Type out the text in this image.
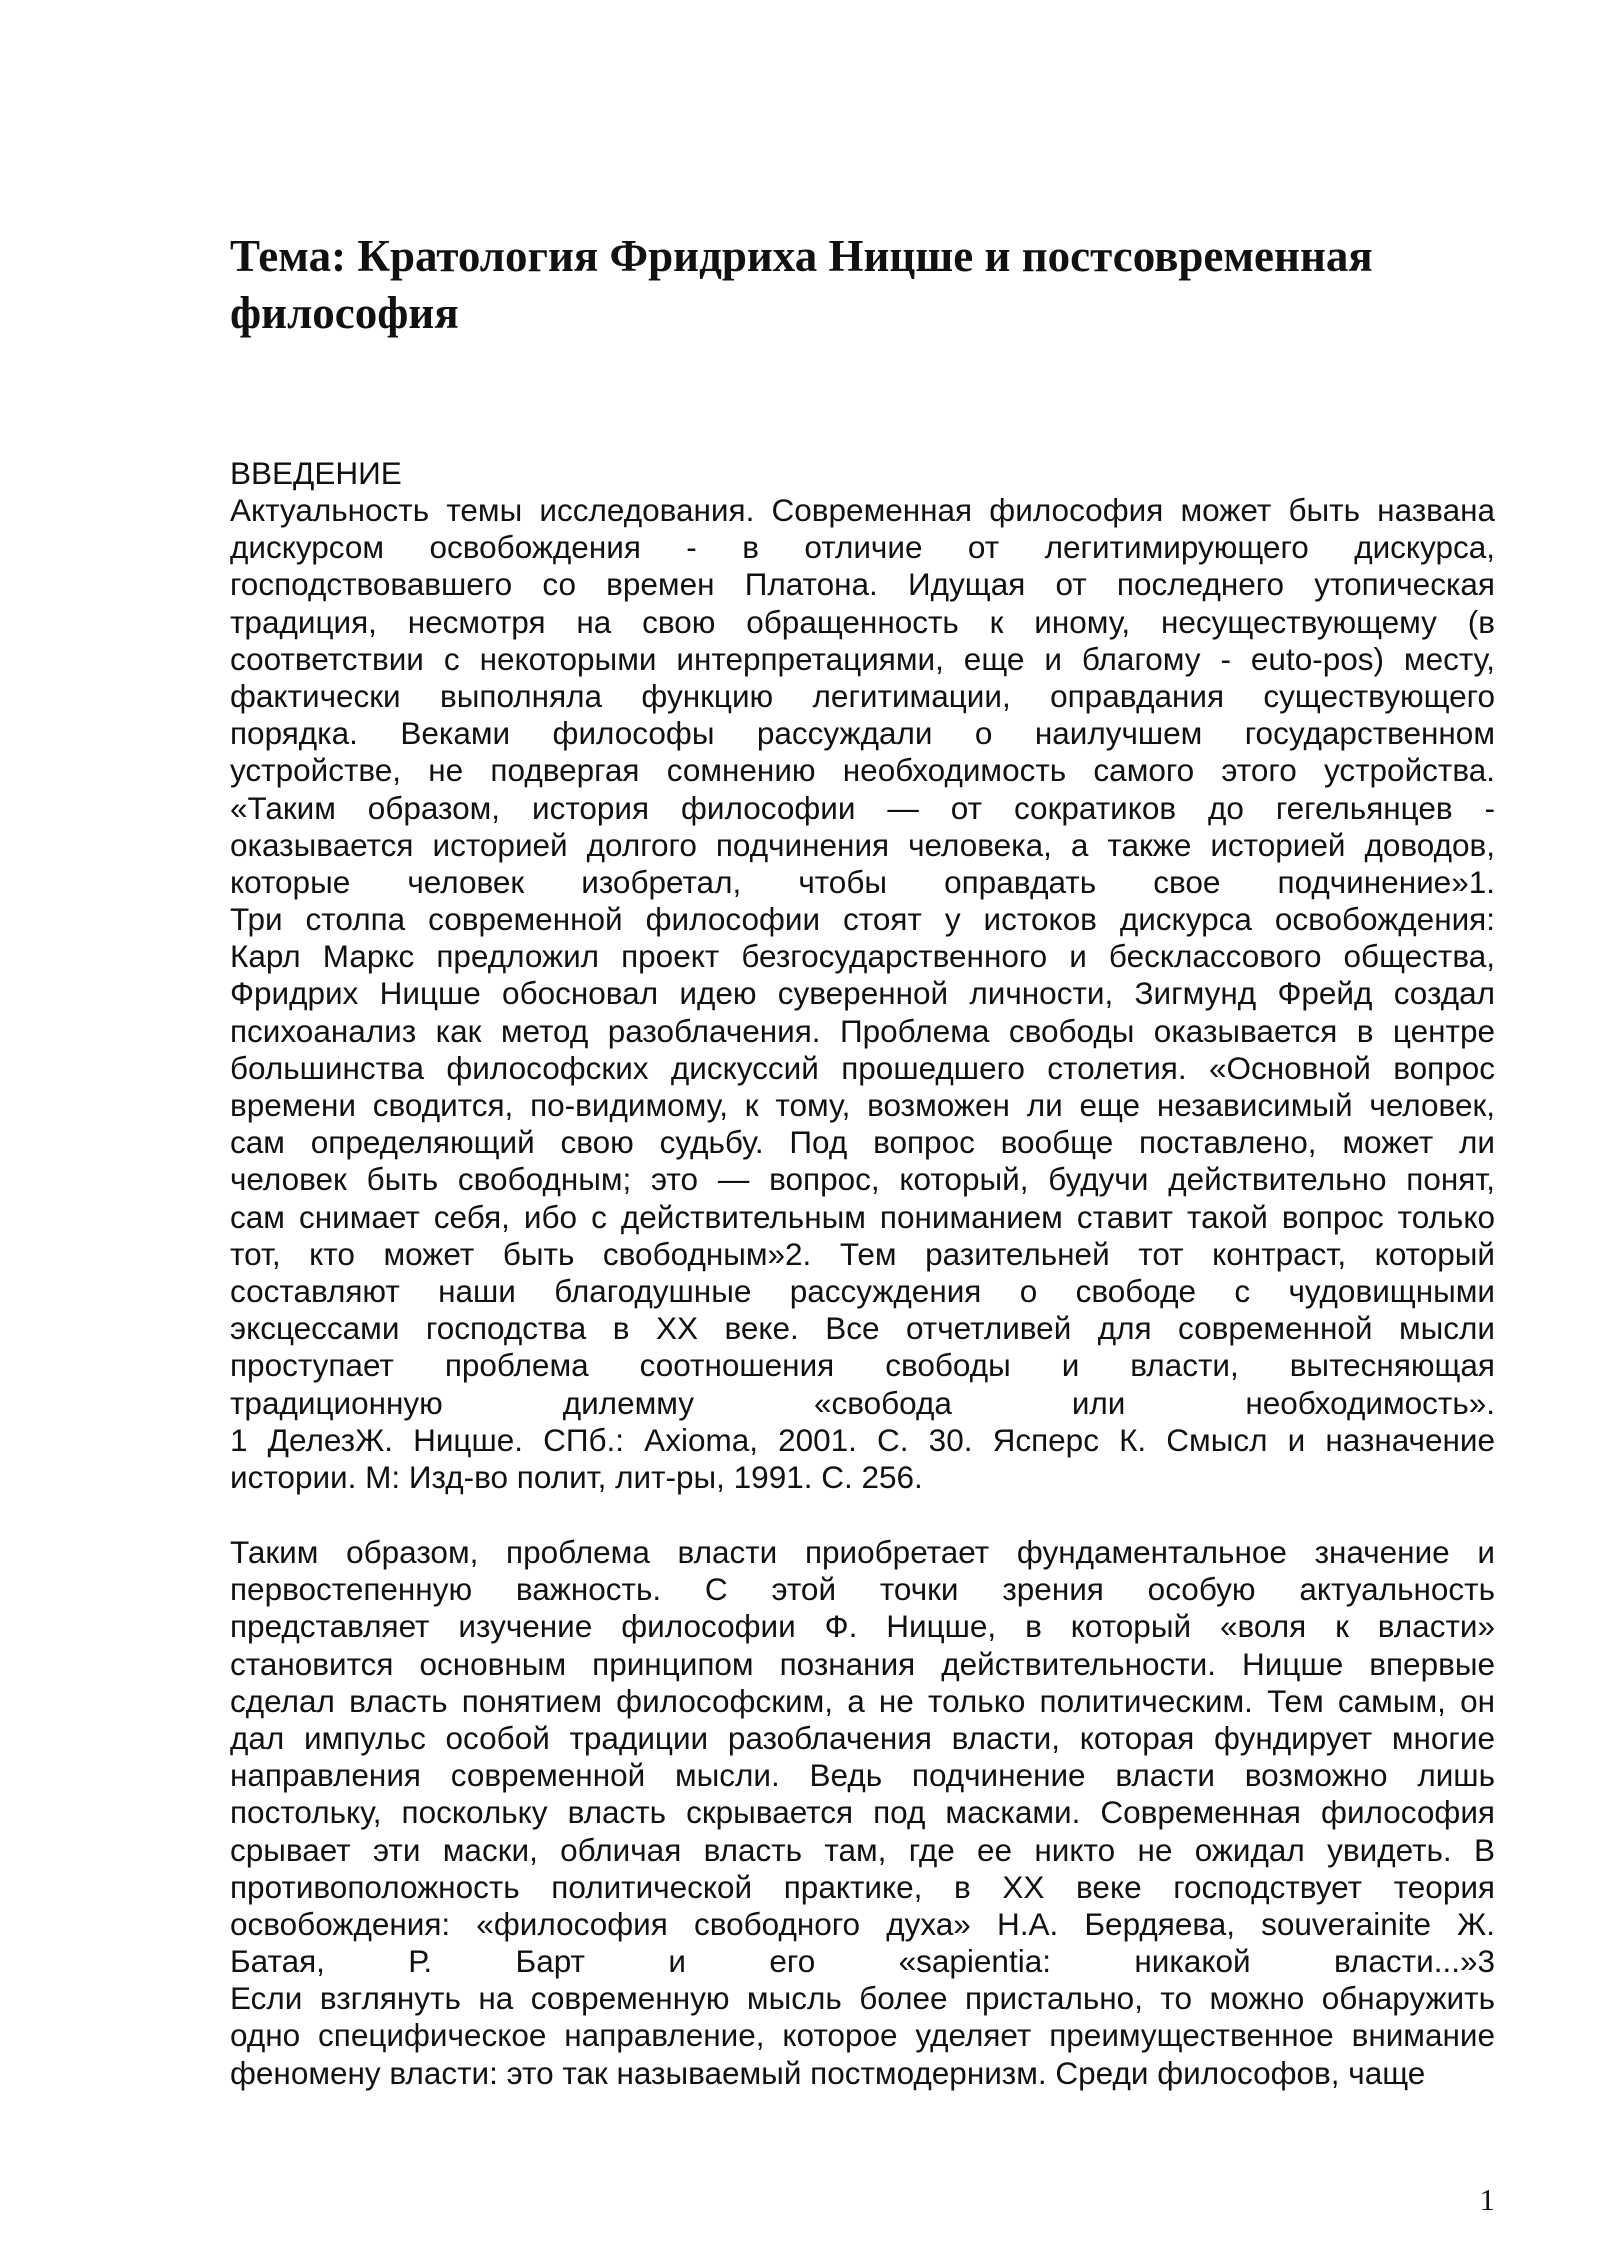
Тема: Кратология Фридриха Ницше и постсовременная философия
ВВЕДЕНИЕ
Актуальность темы исследования. Современная философия может быть названа
дискурсом освобождения - в отличие от легитимирующего дискурса,
господствовавшего со времен Платона. Идущая от последнего утопическая
традиция, несмотря на свою обращенность к иному, несуществующему (в
соответствии с некоторыми интерпретациями, еще и благому - euto-pos) месту,
фактически выполняла функцию легитимации, оправдания существующего
порядка. Веками философы рассуждали о наилучшем государственном
устройстве, не подвергая сомнению необходимость самого этого устройства.
«Таким образом, история философии — от сократиков до гегельянцев -
оказывается историей долгого подчинения человека, а также историей доводов,
которые человек изобретал, чтобы оправдать свое подчинение»1.
Три столпа современной философии стоят у истоков дискурса освобождения:
Карл Маркс предложил проект безгосударственного и бесклассового общества,
Фридрих Ницше обосновал идею суверенной личности, Зигмунд Фрейд создал
психоанализ как метод разоблачения. Проблема свободы оказывается в центре
большинства философских дискуссий прошедшего столетия. «Основной вопрос
времени сводится, по-видимому, к тому, возможен ли еще независимый человек,
сам определяющий свою судьбу. Под вопрос вообще поставлено, может ли
человек быть свободным; это — вопрос, который, будучи действительно понят,
сам снимает себя, ибо с действительным пониманием ставит такой вопрос только
тот, кто может быть свободным»2. Тем разительней тот контраст, который
составляют наши благодушные рассуждения о свободе с чудовищными
эксцессами господства в XX веке. Все отчетливей для современной мысли
проступает проблема соотношения свободы и власти, вытесняющая
традиционную дилемму «свобода или необходимость».
1 ДелезЖ. Ницше. СПб.: Axioma, 2001. С. 30. Ясперс К. Смысл и назначение
истории. М: Изд-во полит, лит-ры, 1991. С. 256.
Таким образом, проблема власти приобретает фундаментальное значение и
первостепенную важность. С этой точки зрения особую актуальность
представляет изучение философии Ф. Ницше, в который «воля к власти»
становится основным принципом познания действительности. Ницше впервые
сделал власть понятием философским, а не только политическим. Тем самым, он
дал импульс особой традиции разоблачения власти, которая фундирует многие
направления современной мысли. Ведь подчинение власти возможно лишь
постольку, поскольку власть скрывается под масками. Современная философия
срывает эти маски, обличая власть там, где ее никто не ожидал увидеть. В
противоположность политической практике, в XX веке господствует теория
освобождения: «философия свободного духа» Н.А. Бердяева, souverainite Ж.
Батая, Р. Барт и его «sapientia: никакой власти...»3
Если взглянуть на современную мысль более пристально, то можно обнаружить
одно специфическое направление, которое уделяет преимущественное внимание
феномену власти: это так называемый постмодернизм. Среди философов, чаще
1
